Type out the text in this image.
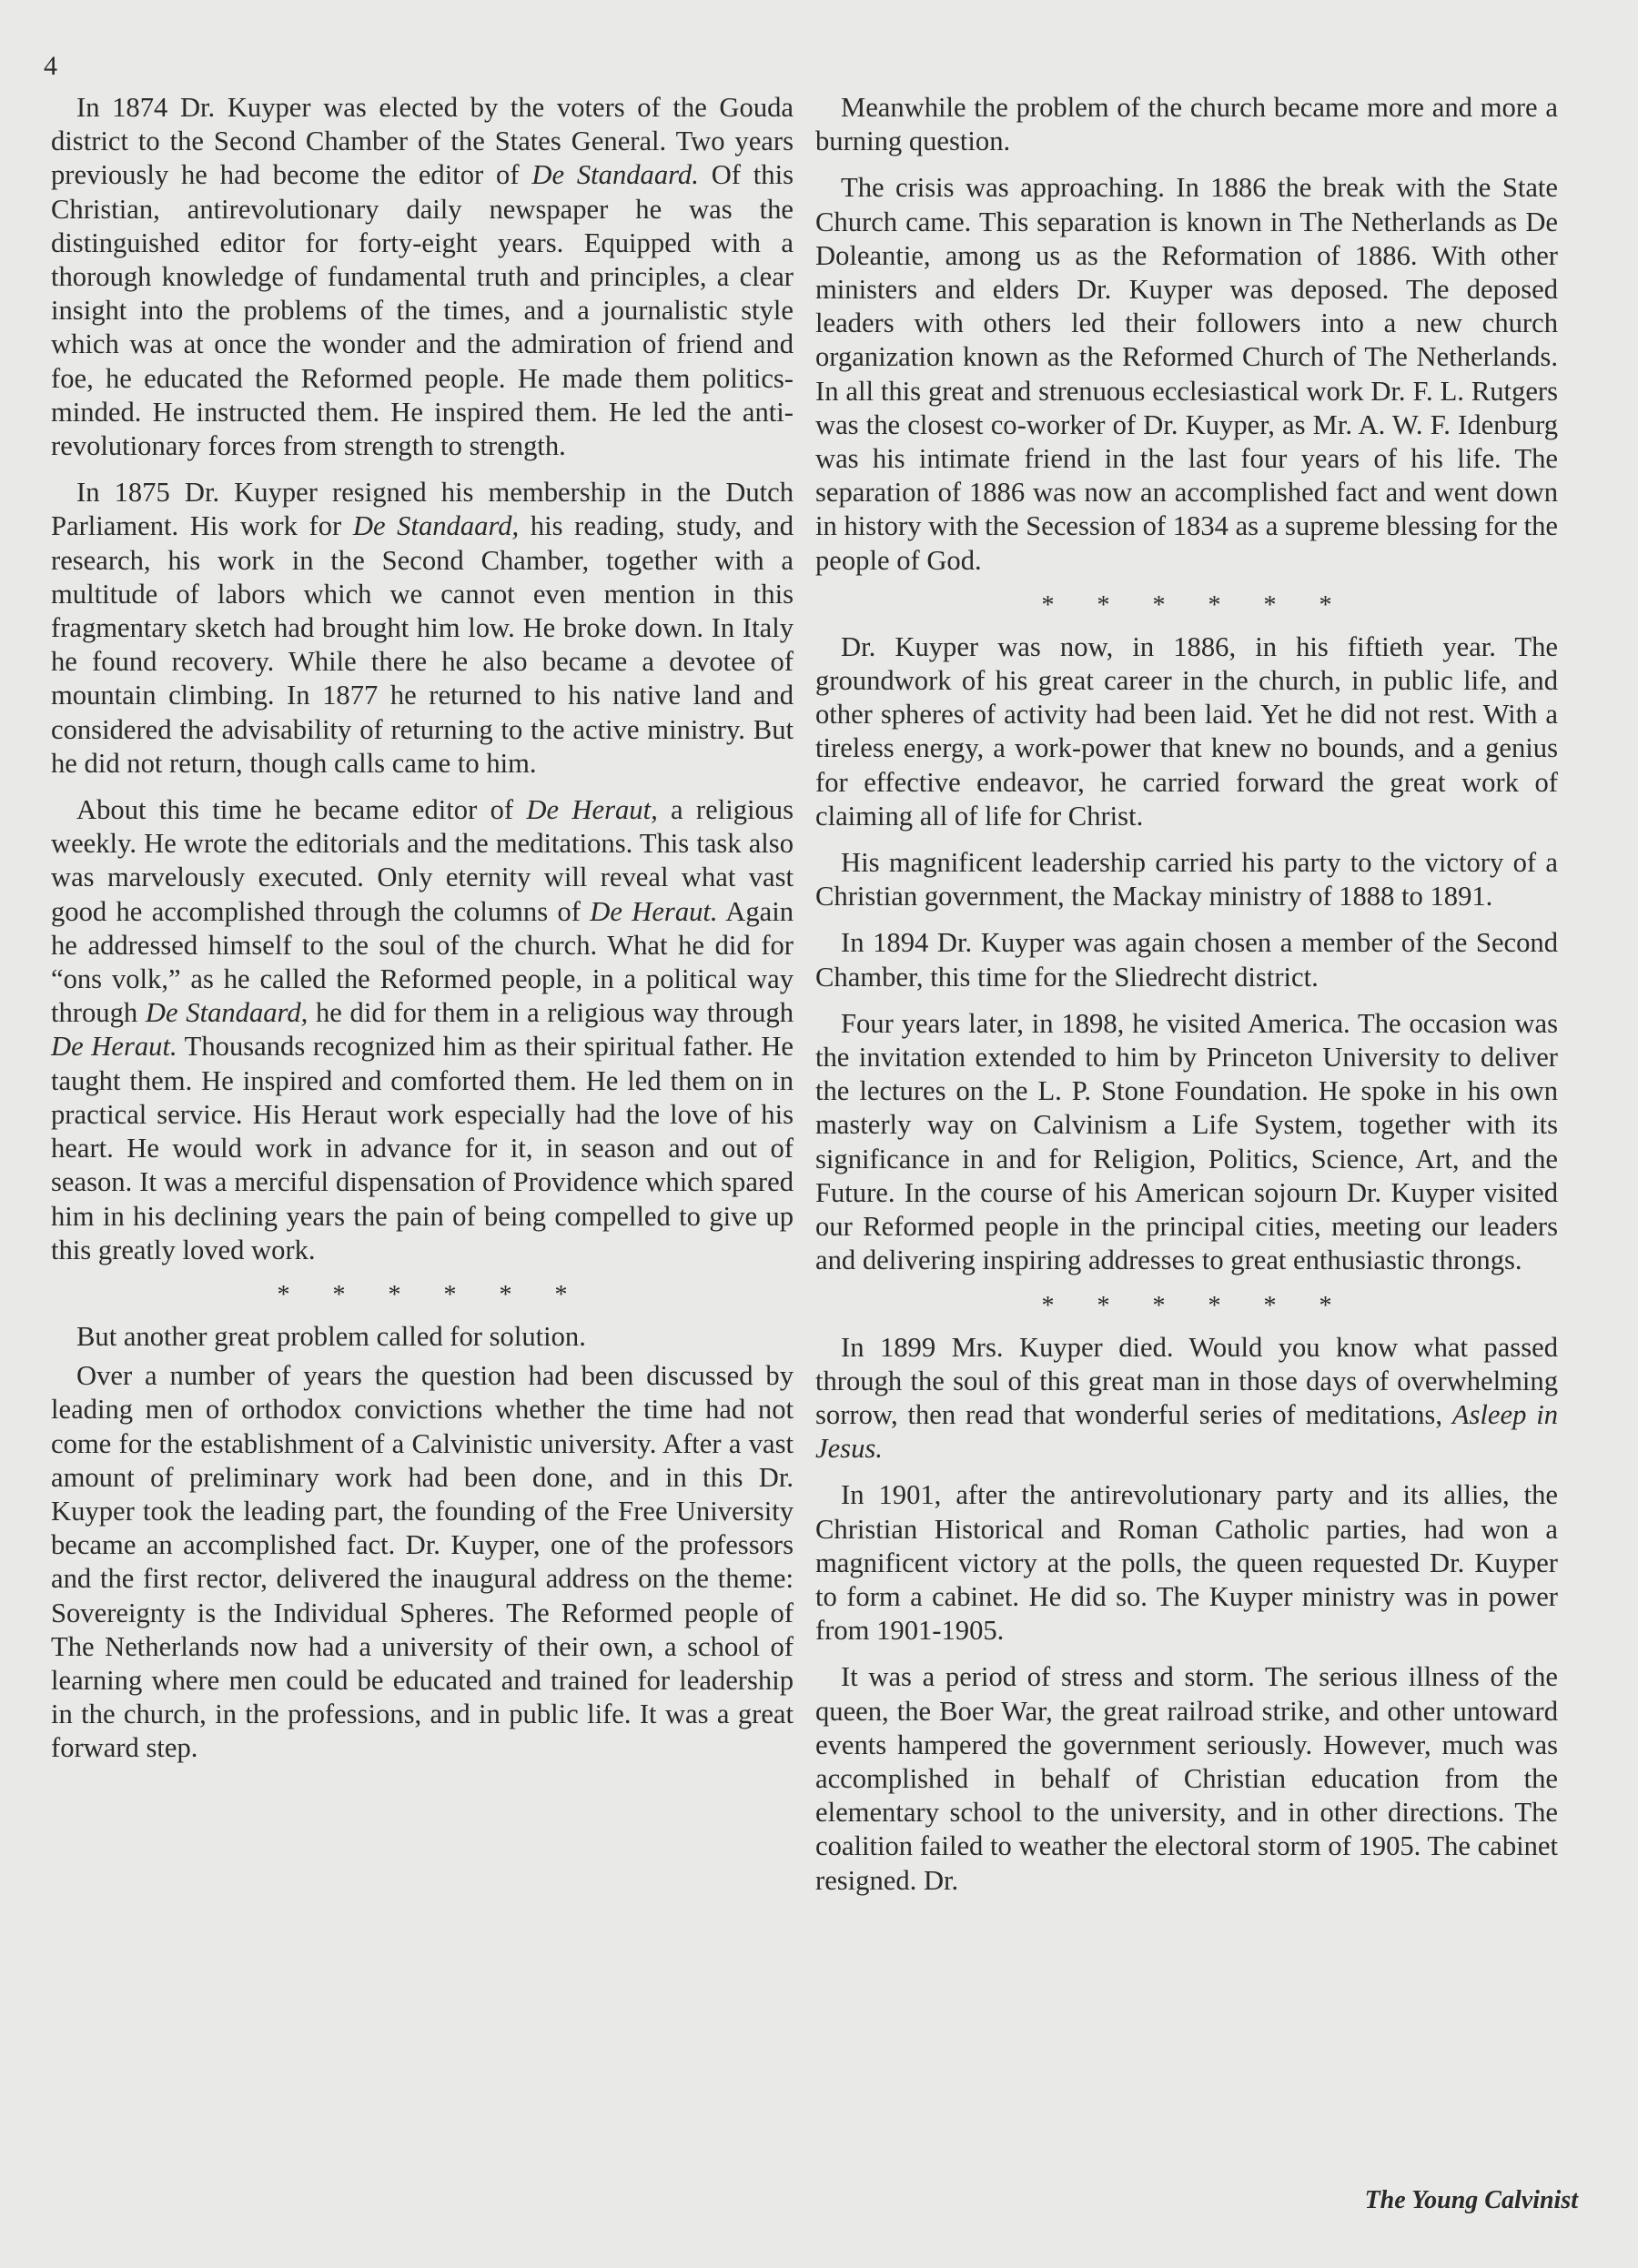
4

In 1874 Dr. Kuyper was elected by the voters of the Gouda district to the Second Chamber of the States General. Two years previously he had become the editor of De Standaard. Of this Christian, antirevolutionary daily newspaper he was the distinguished editor for forty-eight years. Equipped with a thorough knowledge of fundamental truth and principles, a clear insight into the problems of the times, and a journalistic style which was at once the wonder and the admiration of friend and foe, he educated the Reformed people. He made them politics-minded. He instructed them. He inspired them. He led the antirevolutionary forces from strength to strength.

In 1875 Dr. Kuyper resigned his membership in the Dutch Parliament. His work for De Standaard, his reading, study, and research, his work in the Second Chamber, together with a multitude of labors which we cannot even mention in this fragmentary sketch had brought him low. He broke down. In Italy he found recovery. While there he also became a devotee of mountain climbing. In 1877 he returned to his native land and considered the advisability of returning to the active ministry. But he did not return, though calls came to him.

About this time he became editor of De Heraut, a religious weekly. He wrote the editorials and the meditations. This task also was marvelously executed. Only eternity will reveal what vast good he accomplished through the columns of De Heraut. Again he addressed himself to the soul of the church. What he did for “ons volk,” as he called the Reformed people, in a political way through De Standaard, he did for them in a religious way through De Heraut. Thousands recognized him as their spiritual father. He taught them. He inspired and comforted them. He led them on in practical service. His Heraut work especially had the love of his heart. He would work in advance for it, in season and out of season. It was a merciful dispensation of Providence which spared him in his declining years the pain of being compelled to give up this greatly loved work.

* * * * * *

But another great problem called for solution.

Over a number of years the question had been discussed by leading men of orthodox convictions whether the time had not come for the establishment of a Calvinistic university. After a vast amount of preliminary work had been done, and in this Dr. Kuyper took the leading part, the founding of the Free University became an accomplished fact. Dr. Kuyper, one of the professors and the first rector, delivered the inaugural address on the theme: Sovereignty is the Individual Spheres. The Reformed people of The Netherlands now had a university of their own, a school of learning where men could be educated and trained for leadership in the church, in the professions, and in public life. It was a great forward step.

Meanwhile the problem of the church became more and more a burning question.

The crisis was approaching. In 1886 the break with the State Church came. This separation is known in The Netherlands as De Doleantie, among us as the Reformation of 1886. With other ministers and elders Dr. Kuyper was deposed. The deposed leaders with others led their followers into a new church organization known as the Reformed Church of The Netherlands. In all this great and strenuous ecclesiastical work Dr. F. L. Rutgers was the closest co-worker of Dr. Kuyper, as Mr. A. W. F. Idenburg was his intimate friend in the last four years of his life. The separation of 1886 was now an accomplished fact and went down in history with the Secession of 1834 as a supreme blessing for the people of God.

* * * * * *

Dr. Kuyper was now, in 1886, in his fiftieth year. The groundwork of his great career in the church, in public life, and other spheres of activity had been laid. Yet he did not rest. With a tireless energy, a work-power that knew no bounds, and a genius for effective endeavor, he carried forward the great work of claiming all of life for Christ.

His magnificent leadership carried his party to the victory of a Christian government, the Mackay ministry of 1888 to 1891.

In 1894 Dr. Kuyper was again chosen a member of the Second Chamber, this time for the Sliedrecht district.

Four years later, in 1898, he visited America. The occasion was the invitation extended to him by Princeton University to deliver the lectures on the L. P. Stone Foundation. He spoke in his own masterly way on Calvinism a Life System, together with its significance in and for Religion, Politics, Science, Art, and the Future. In the course of his American sojourn Dr. Kuyper visited our Reformed people in the principal cities, meeting our leaders and delivering inspiring addresses to great enthusiastic throngs.

* * * * * *

In 1899 Mrs. Kuyper died. Would you know what passed through the soul of this great man in those days of overwhelming sorrow, then read that wonderful series of meditations, Asleep in Jesus.

In 1901, after the antirevolutionary party and its allies, the Christian Historical and Roman Catholic parties, had won a magnificent victory at the polls, the queen requested Dr. Kuyper to form a cabinet. He did so. The Kuyper ministry was in power from 1901-1905.

It was a period of stress and storm. The serious illness of the queen, the Boer War, the great railroad strike, and other untoward events hampered the government seriously. However, much was accomplished in behalf of Christian education from the elementary school to the university, and in other directions. The coalition failed to weather the electoral storm of 1905. The cabinet resigned. Dr.

The Young Calvinist
